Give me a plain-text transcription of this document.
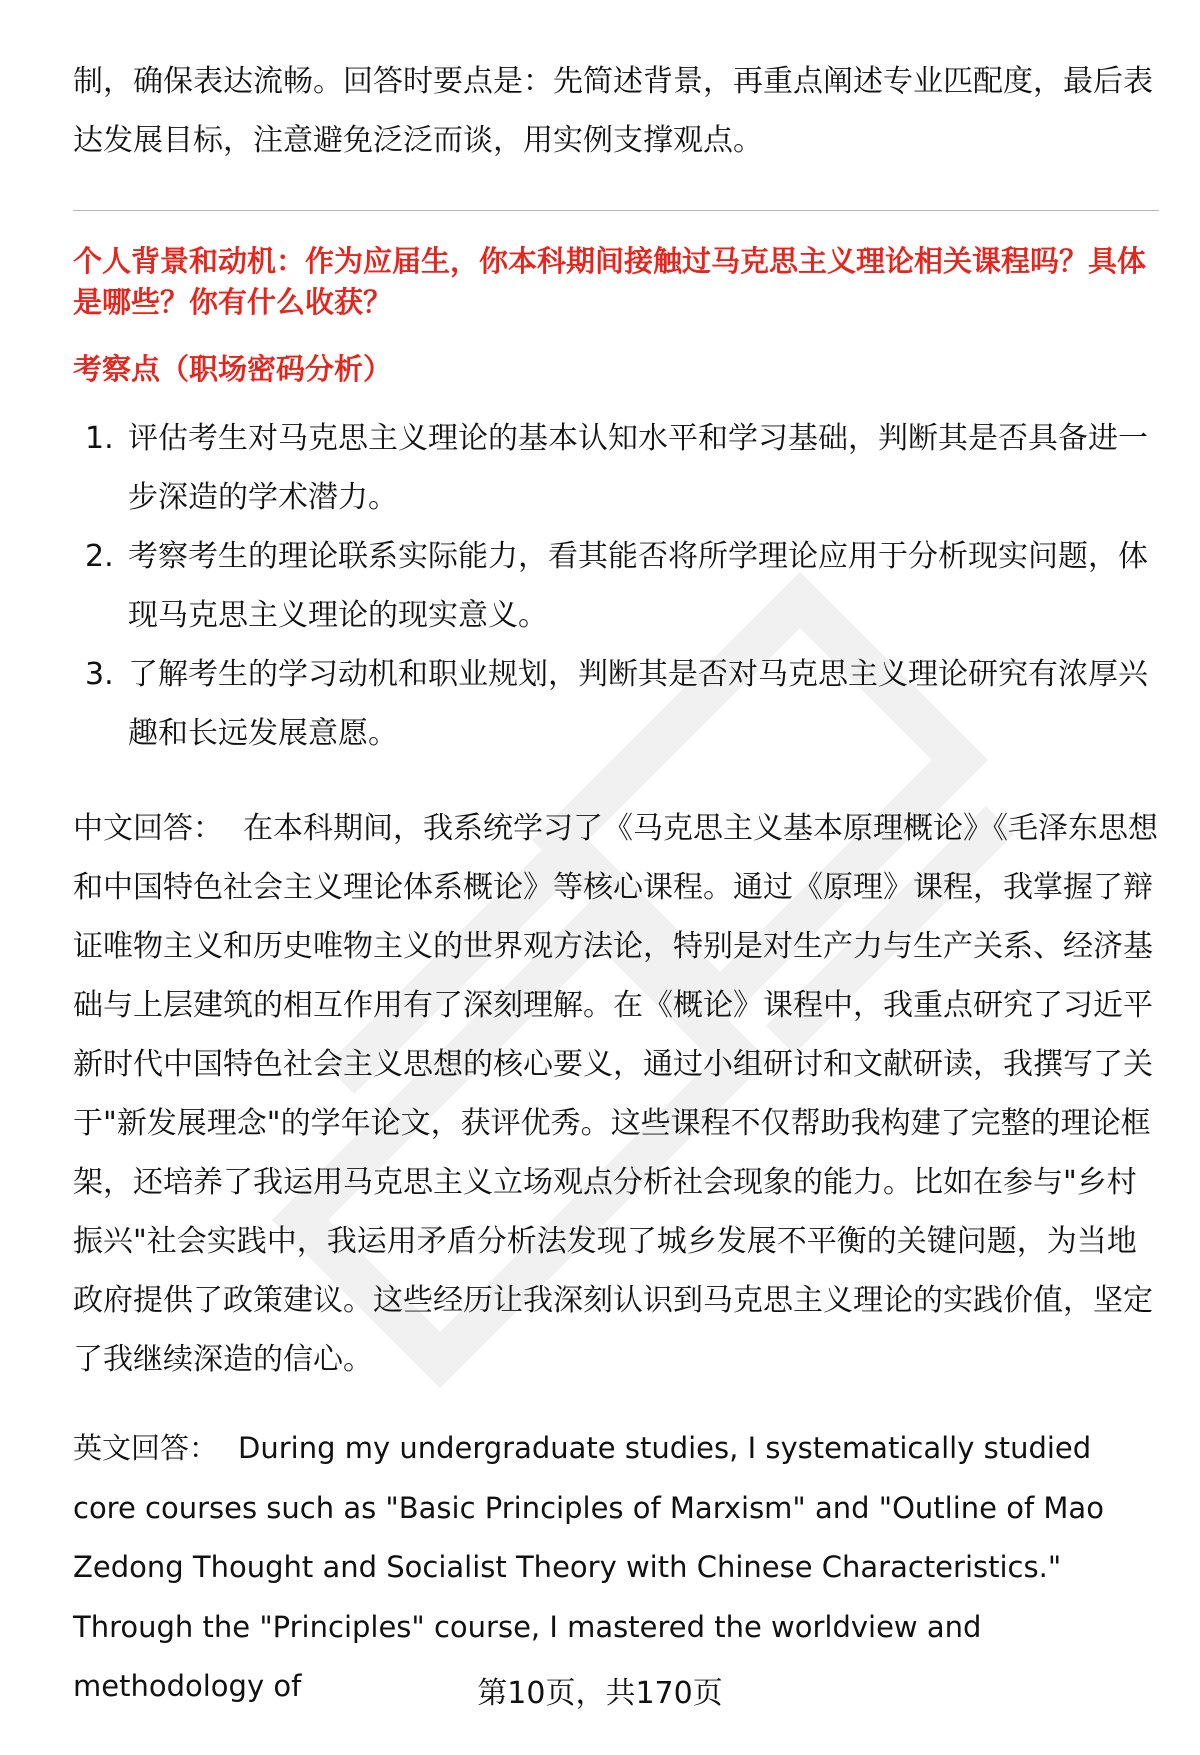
制，确保表达流畅。回答时要点是：先简述背景，再重点阐述专业匹配度，最后表达发展目标，注意避免泛泛而谈，用实例支撑观点。

个人背景和动机：作为应届生，你本科期间接触过马克思主义理论相关课程吗？具体是哪些？你有什么收获？

考察点（职场密码分析）

1. 评估考生对马克思主义理论的基本认知水平和学习基础，判断其是否具备进一步深造的学术潜力。
2. 考察考生的理论联系实际能力，看其能否将所学理论应用于分析现实问题，体现马克思主义理论的现实意义。
3. 了解考生的学习动机和职业规划，判断其是否对马克思主义理论研究有浓厚兴趣和长远发展意愿。

中文回答： 在本科期间，我系统学习了《马克思主义基本原理概论》《毛泽东思想和中国特色社会主义理论体系概论》等核心课程。通过《原理》课程，我掌握了辩证唯物主义和历史唯物主义的世界观方法论，特别是对生产力与生产关系、经济基础与上层建筑的相互作用有了深刻理解。在《概论》课程中，我重点研究了习近平新时代中国特色社会主义思想的核心要义，通过小组研讨和文献研读，我撰写了关于"新发展理念"的学年论文，获评优秀。这些课程不仅帮助我构建了完整的理论框架，还培养了我运用马克思主义立场观点分析社会现象的能力。比如在参与"乡村振兴"社会实践中，我运用矛盾分析法发现了城乡发展不平衡的关键问题，为当地政府提供了政策建议。这些经历让我深刻认识到马克思主义理论的实践价值，坚定了我继续深造的信心。

英文回答： During my undergraduate studies, I systematically studied core courses such as "Basic Principles of Marxism" and "Outline of Mao Zedong Thought and Socialist Theory with Chinese Characteristics." Through the "Principles" course, I mastered the worldview and methodology of	第10页，共170页
